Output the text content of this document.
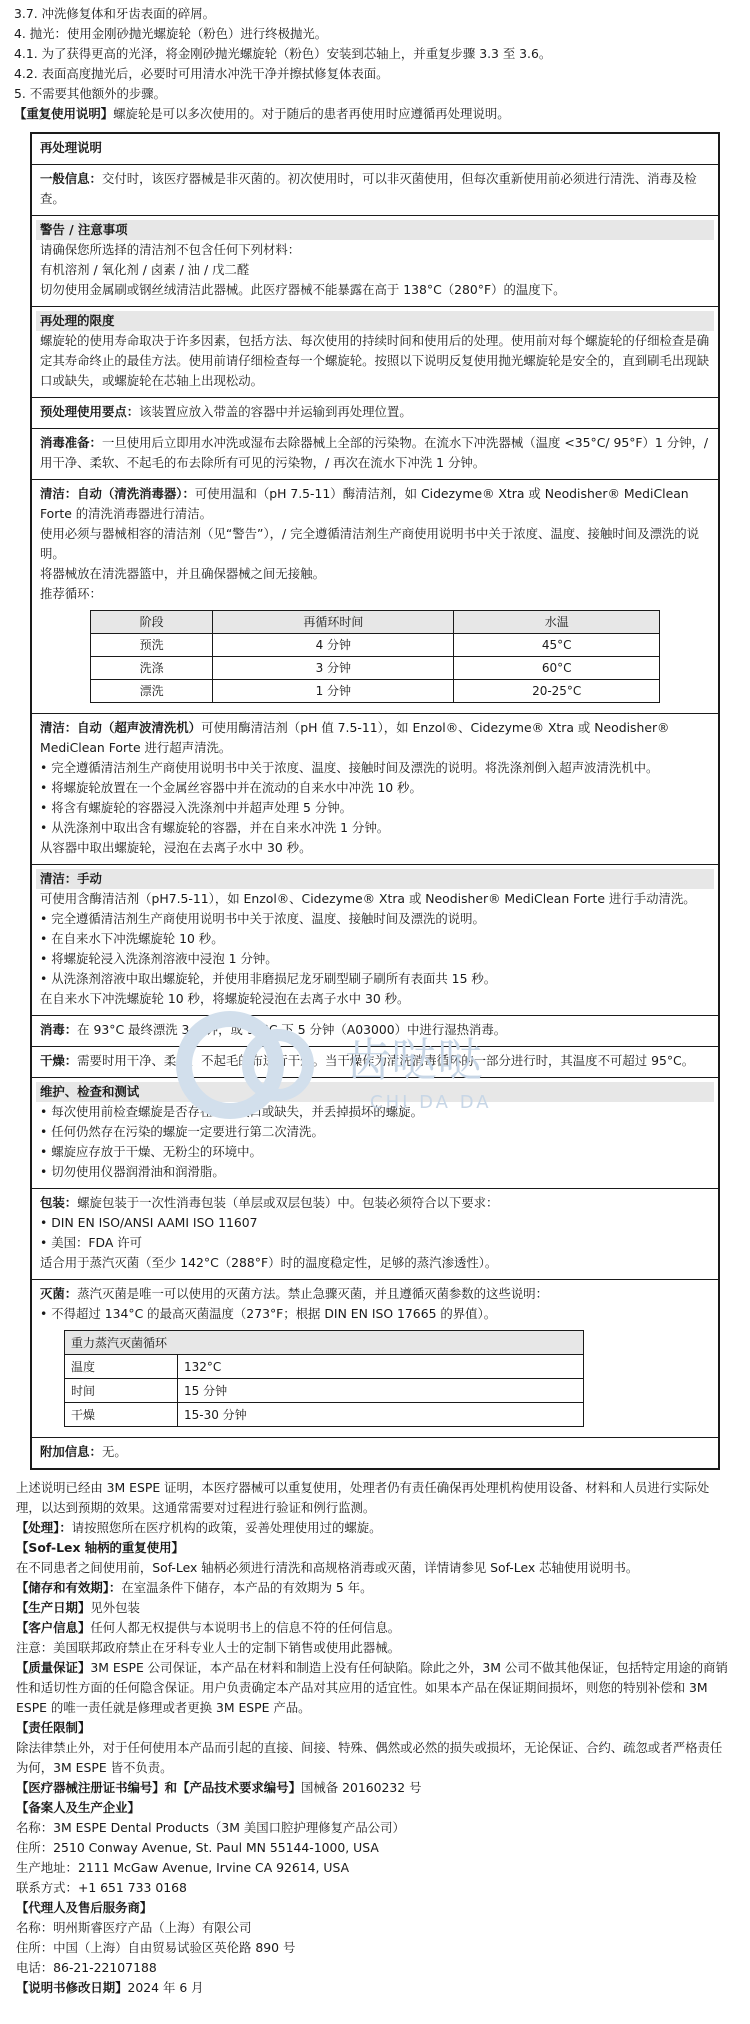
3.7. 冲洗修复体和牙齿表面的碎屑。

4. 抛光：使用金刚砂抛光螺旋轮（粉色）进行终极抛光。

4.1. 为了获得更高的光泽，将金刚砂抛光螺旋轮（粉色）安装到芯轴上，并重复步骤 3.3 至 3.6。

4.2. 表面高度抛光后，必要时可用清水冲洗干净并擦拭修复体表面。

5. 不需要其他额外的步骤。

【重复使用说明】螺旋轮是可以多次使用的。对于随后的患者再使用时应遵循再处理说明。

再处理说明
一般信息：交付时，该医疗器械是非灭菌的。初次使用时，可以非灭菌使用，但每次重新使用前必须进行清洗、消毒及检查。
警告 / 注意事项
请确保您所选择的清洁剂不包含任何下列材料：
有机溶剂 / 氧化剂 / 卤素 / 油 / 戊二醛
切勿使用金属刷或钢丝绒清洁此器械。此医疗器械不能暴露在高于 138°C（280°F）的温度下。
再处理的限度
螺旋轮的使用寿命取决于许多因素，包括方法、每次使用的持续时间和使用后的处理。使用前对每个螺旋轮的仔细检查是确定其寿命终止的最佳方法。使用前请仔细检查每一个螺旋轮。按照以下说明反复使用抛光螺旋轮是安全的，直到刷毛出现缺口或缺失，或螺旋轮在芯轴上出现松动。
预处理使用要点：该装置应放入带盖的容器中并运输到再处理位置。
消毒准备：一旦使用后立即用水冲洗或湿布去除器械上全部的污染物。在流水下冲洗器械（温度 <35°C/ 95°F）1 分钟，/ 用干净、柔软、不起毛的布去除所有可见的污染物，/ 再次在流水下冲洗 1 分钟。
清洁：自动（清洗消毒器）：可使用温和（pH 7.5-11）酶清洁剂，如 Cidezyme® Xtra 或 Neodisher® MediClean Forte 的清洗消毒器进行清洁。
使用必须与器械相容的清洁剂（见“警告”），/ 完全遵循清洁剂生产商使用说明书中关于浓度、温度、接触时间及漂洗的说明。
将器械放在清洗器篮中，并且确保器械之间无接触。
推荐循环：
阶段	再循环时间	水温
预洗	4 分钟	45°C
洗涤	3 分钟	60°C
漂洗	1 分钟	20-25°C
清洁：自动（超声波清洗机）可使用酶清洁剂（pH 值 7.5-11），如 Enzol®、Cidezyme® Xtra 或 Neodisher® MediClean Forte 进行超声清洗。
• 完全遵循清洁剂生产商使用说明书中关于浓度、温度、接触时间及漂洗的说明。将洗涤剂倒入超声波清洗机中。
• 将螺旋轮放置在一个金属丝容器中并在流动的自来水中冲洗 10 秒。
• 将含有螺旋轮的容器浸入洗涤剂中并超声处理 5 分钟。
• 从洗涤剂中取出含有螺旋轮的容器，并在自来水冲洗 1 分钟。
从容器中取出螺旋轮，浸泡在去离子水中 30 秒。
清洁：手动
可使用含酶清洁剂（pH7.5-11），如 Enzol®、Cidezyme® Xtra 或 Neodisher® MediClean Forte 进行手动清洗。
• 完全遵循清洁剂生产商使用说明书中关于浓度、温度、接触时间及漂洗的说明。
• 在自来水下冲洗螺旋轮 10 秒。
• 将螺旋轮浸入洗涤剂溶液中浸泡 1 分钟。
• 从洗涤剂溶液中取出螺旋轮，并使用非磨损尼龙牙刷型刷子刷所有表面共 15 秒。
在自来水下冲洗螺旋轮 10 秒，将螺旋轮浸泡在去离子水中 30 秒。
消毒：在 93°C 最终漂洗 3 分钟，或 90°C 下 5 分钟（A03000）中进行湿热消毒。
干燥：需要时用干净、柔软、不起毛的布进行干燥。当干燥作为清洗消毒循环的一部分进行时，其温度不可超过 95°C。
维护、检查和测试
• 每次使用前检查螺旋是否存在刷毛缺口或缺失，并丢掉损坏的螺旋。
• 任何仍然存在污染的螺旋一定要进行第二次清洗。
• 螺旋应存放于干燥、无粉尘的环境中。
• 切勿使用仪器润滑油和润滑脂。
包装：螺旋包装于一次性消毒包装（单层或双层包装）中。包装必须符合以下要求：
• DIN EN ISO/ANSI AAMI ISO 11607
• 美国：FDA 许可
适合用于蒸汽灭菌（至少 142°C（288°F）时的温度稳定性，足够的蒸汽渗透性）。
灭菌：蒸汽灭菌是唯一可以使用的灭菌方法。禁止急骤灭菌，并且遵循灭菌参数的这些说明：
• 不得超过 134°C 的最高灭菌温度（273°F；根据 DIN EN ISO 17665 的界值）。
重力蒸汽灭菌循环	
温度	132°C
时间	15 分钟
干燥	15-30 分钟
附加信息：无。

上述说明已经由 3M ESPE 证明，本医疗器械可以重复使用，处理者仍有责任确保再处理机构使用设备、材料和人员进行实际处理，以达到预期的效果。这通常需要对过程进行验证和例行监测。

【处理】：请按照您所在医疗机构的政策，妥善处理使用过的螺旋。

【Sof-Lex 轴柄的重复使用】

在不同患者之间使用前，Sof-Lex 轴柄必须进行清洗和高规格消毒或灭菌，详情请参见 Sof-Lex 芯轴使用说明书。

【储存和有效期】：在室温条件下储存，本产品的有效期为 5 年。

【生产日期】见外包装

【客户信息】任何人都无权提供与本说明书上的信息不符的任何信息。

注意：美国联邦政府禁止在牙科专业人士的定制下销售或使用此器械。

【质量保证】3M ESPE 公司保证，本产品在材料和制造上没有任何缺陷。除此之外，3M 公司不做其他保证，包括特定用途的商销性和适切性方面的任何隐含保证。用户负责确定本产品对其应用的适宜性。如果本产品在保证期间损坏，则您的特别补偿和 3M ESPE 的唯一责任就是修理或者更换 3M ESPE 产品。

【责任限制】

除法律禁止外，对于任何使用本产品而引起的直接、间接、特殊、偶然或必然的损失或损坏，无论保证、合约、疏忽或者严格责任为何，3M ESPE 皆不负责。

【医疗器械注册证书编号】和【产品技术要求编号】国械备 20160232 号

【备案人及生产企业】

名称：3M ESPE Dental Products（3M 美国口腔护理修复产品公司）

住所：2510 Conway Avenue, St. Paul MN 55144-1000, USA

生产地址：2111 McGaw Avenue, Irvine CA 92614, USA

联系方式：+1 651 733 0168

【代理人及售后服务商】

名称：明州斯睿医疗产品（上海）有限公司

住所：中国（上海）自由贸易试验区英伦路 890 号

电话：86-21-22107188

【说明书修改日期】2024 年 6 月

齿哒哒
CHI DA DA
